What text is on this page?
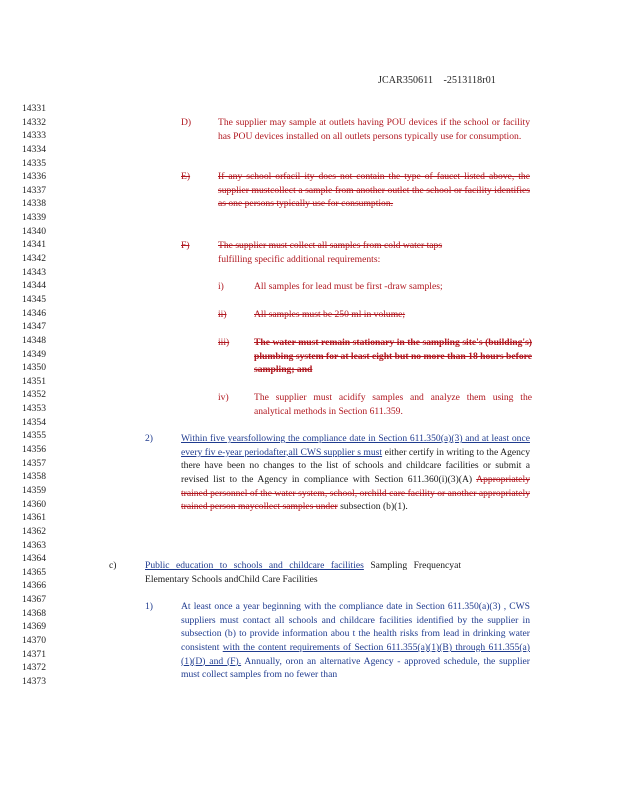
JCAR350611 -2513118r01
14331
14332
14333
14334
14335
14336
14337
14338
14339
14340
14341
14342
14343
14344
14345
14346
14347
14348
14349
14350
14351
14352
14353
14354
14355
14356
14357
14358
14359
14360
14361
14362
14363
14364
14365
14366
14367
14368
14369
14370
14371
14372
14373
D)	The supplier may sample at outlets having POU devices if the school or facility has POU devices installed on all outlets persons typically use for consumption.
E)	If any school orfacil ity does not contain the type of faucet listed above, the supplier mustcollect a sample from another outlet the school or facility identifies as one persons typically use for consumption.
F)	The supplier must collect all samples from cold water taps
fulfilling specific additional requirements:
i)	All samples for lead must be first -draw samples;
ii)	All samples must be 250 ml in volume;
iii)	The water must remain stationary in the sampling site's (building's) plumbing system for at least eight but no more than 18 hours before sampling; and
iv)	The supplier must acidify samples and analyze them using the analytical methods in Section 611.359.
2)	Within five yearsfollowing the compliance date in Section 611.350(a)(3) and at least once every fiv e-year periodafter,all CWS supplier s must either certify in writing to the Agency there have been no changes to the list of schools and childcare facilities or submit a revised list to the Agency in compliance with Section 611.360(i)(3)(A) Appropriately trained personnel of the water system, school, orchild care facility or another appropriately trained person maycollect samples under subsection (b)(1).
c)	Public education to schools and childcare facilities Sampling Frequencyat Elementary Schools andChild Care Facilities
1)	At least once a year beginning with the compliance date in Section 611.350(a)(3) , CWS suppliers must contact all schools and childcare facilities identified by the supplier in subsection (b) to provide information abou t the health risks from lead in drinking water consistent with the content requirements of Section 611.355(a)(1)(B) through 611.355(a)(1)(D) and (F). Annually, oron an alternative Agency - approved schedule, the supplier must collect samples from no fewer than
